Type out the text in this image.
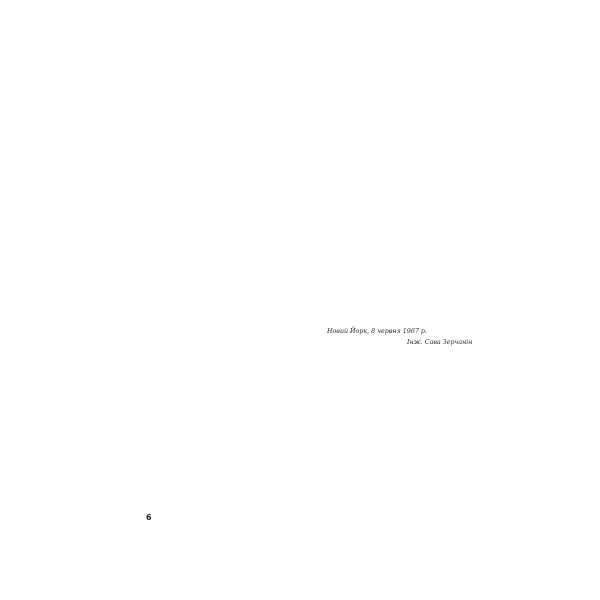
Новий Йорк, 8 червня 1967 р.
Інж. Сава Зерчанін
6
